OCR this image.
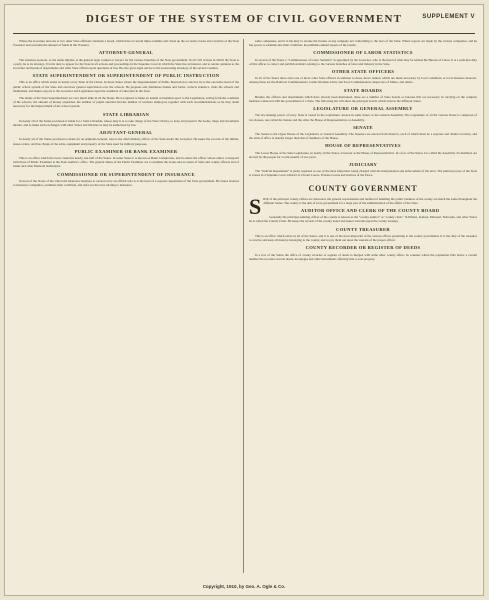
DIGEST OF THE SYSTEM OF CIVIL GOVERNMENT	SUPPLEMENT V

Where the Governor and one or two other State officials constitute a board, which must at certain times examine and check up the accounts, books and vouchers of the State Treasurer and ascertain the amount of funds in the Treasury.

ATTORNEY-GENERAL

The Attorney-General, as the name implies, is the general legal counsel or lawyer for the various branches of the State government. In all civil actions in which the State is a party, he is its attorney. It is his duty to appear for the State in all actions and proceedings in the Supreme Court in which the State has an interest, and to render opinions to the Governor and heads of departments and other State officers upon questions of law. He also gives legal advice to the prosecuting attorneys of the several counties.

STATE SUPERINTENDENT OR SUPERINTENDENT OF PUBLIC INSTRUCTION

This is an office which exists in nearly every State in the Union. In those States where the Superintendent of Public Instruction is elected, he is the executive head of the public school system of the State and exercises general supervision over the schools. He prepares and distributes blanks and forms, collects statistics, visits the schools and institutions, and makes reports to the Governor and Legislature upon the condition of education in the State.

The duties of the State Superintendent are very much alike in all the States. He is required to make an annual or biennial report to the Legislature, setting forth the condition of the schools, the amount of money expended, the number of pupils enrolled and the number of teachers employed, together with such recommendations as he may deem necessary for the improvement of the school system.

STATE LIBRARIAN

In nearly all of the States provision is made for a State Librarian, whose duty it is to take charge of the State Library, to keep and preserve the books, maps and documents therein, and to make such exchanges with other States and libraries as may be authorized by law.

ADJUTANT-GENERAL

In nearly all of the States provision is made for an Adjutant-General, who is the chief military officer of the State under the Governor. He keeps the records of the militia, issues orders, and has charge of the arms, equipment and property of the State used for military purposes.

PUBLIC EXAMINER OR BANK EXAMINER

This is an office which has been created in nearly one-half of the States. In some States it is known as Bank Comptroller, and in others the officer whose duties correspond with those of Public Examiner is the State Auditor's office. The general duties of the Public Examiner are to examine the books and accounts of State and county officers and of banks and other financial institutions.

COMMISSIONER OR SUPERINTENDENT OF INSURANCE

In most of the States of the Union the insurance business is carried on by an official who is at the head of a separate department of the State government. He issues licenses to insurance companies, examines their condition, and enforces the laws relating to insurance.

same companies, and it is his duty to revoke the license of any company not conforming to the laws of the State. Where reports are made by the various companies, and he has power to examine into their condition, he publishes annual reports of the results.

COMMISSIONER OF LABOR STATISTICS

In several of the States a "Commissioner of Labor Statistics" is appointed by the Governor, who is the head of what may be termed the Bureau of Labor. It is a principal duty of this officer to collect and publish statistics relating to the various branches of labor and industry in the State.

OTHER STATE OFFICERS

In all of the States there exist one or more other State officers in addition to those above named, which are made necessary by local conditions or local business interests. Among these are the Railroad Commissioners, Game Wardens, Dairy and Food Commissioners, Inspectors of Mines, and others.

STATE BOARDS

Besides the officers and departments which have already been mentioned, there are a number of State boards or bureaus that are necessary in carrying on the complex business connected with the government of a State. The following list will show the principal boards which exist in the different States.

LEGISLATURE OR GENERAL ASSEMBLY

The law-making power of every State is vested in the Legislature, known in some States as the General Assembly. The Legislature of all the various States is composed of two houses, one called the Senate and the other the House of Representatives or Assembly.

SENATE

The Senate is the Upper House of the Legislature or General Assembly. The Senators are elected from districts, each of which must be a separate and distinct territory, and the term of office is usually longer than that of members of the House.

HOUSE OF REPRESENTATIVES

The Lower House of the State Legislature, in nearly all the States, is known as the House of Representatives. In a few of the States it is called the Assembly. Its members are elected by the people for a term usually of two years.

JUDICIARY

The "Judicial Department" is justly regarded as one of the most important, being charged with the interpretation and enforcement of the laws. The judicial power of the State is vested in a Supreme Court, District or Circuit Courts, Probate Courts and Justices of the Peace.

COUNTY GOVERNMENT

SIDE of the principal county offices are discussed, the general requirements and method of handling the public business of the county are much the same throughout the different States. The county is the unit of local government for a large part of the administration of the affairs of the State.

AUDITOR OFFICE AND CLERK OF THE COUNTY BOARD

Generally the principal auditing officer of the county is known as the "county auditor" or "county clerk." In Illinois, Kansas, Missouri, Nebraska, and other States he is called the County Clerk. He keeps the records of the county board and issues warrants upon the county treasury.

COUNTY TREASURER

This is an office which exists in all of the States, and it is one of the most important of the various offices pertaining to the county government. It is the duty of the treasurer to receive and keep all moneys belonging to the county, and to pay them out upon the warrant of the proper officer.

COUNTY RECORDER OR REGISTER OF DEEDS

In a few of the States the office of county recorder or register of deeds is merged with some other county office. In counties where the population falls below a certain number the recorder records deeds, mortgages and other instruments affecting title to real property.

Copyright, 1910, by Geo. A. Ogle & Co.
